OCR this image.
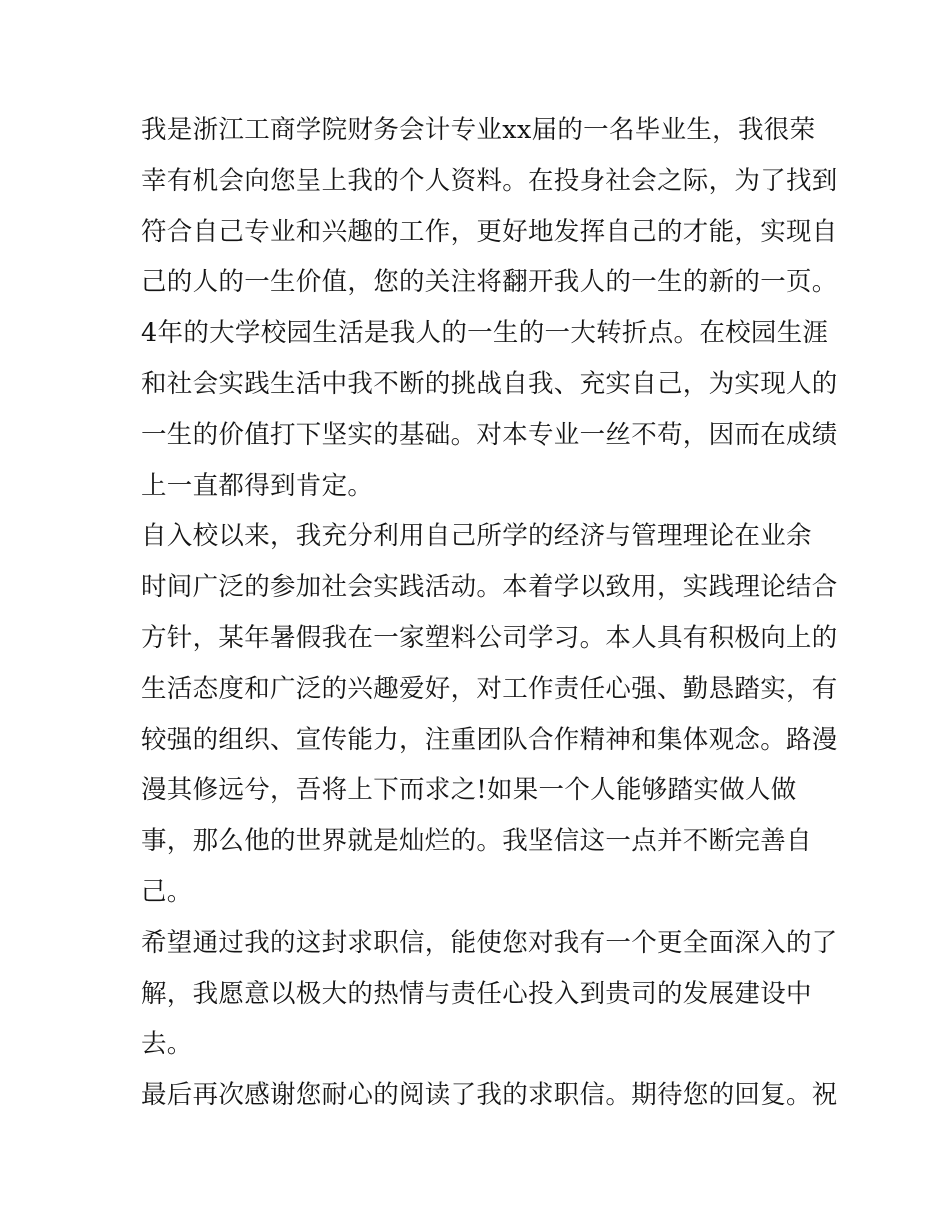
我是浙江工商学院财务会计专业xx届的一名毕业生，我很荣
幸有机会向您呈上我的个人资料。在投身社会之际，为了找到
符合自己专业和兴趣的工作，更好地发挥自己的才能，实现自
己的人的一生价值，您的关注将翻开我人的一生的新的一页。
4年的大学校园生活是我人的一生的一大转折点。在校园生涯
和社会实践生活中我不断的挑战自我、充实自己，为实现人的
一生的价值打下坚实的基础。对本专业一丝不苟，因而在成绩
上一直都得到肯定。
自入校以来，我充分利用自己所学的经济与管理理论在业余
时间广泛的参加社会实践活动。本着学以致用，实践理论结合
方针，某年暑假我在一家塑料公司学习。本人具有积极向上的
生活态度和广泛的兴趣爱好，对工作责任心强、勤恳踏实，有
较强的组织、宣传能力，注重团队合作精神和集体观念。路漫
漫其修远兮，吾将上下而求之!如果一个人能够踏实做人做
事，那么他的世界就是灿烂的。我坚信这一点并不断完善自
己。
希望通过我的这封求职信，能使您对我有一个更全面深入的了
解，我愿意以极大的热情与责任心投入到贵司的发展建设中
去。
最后再次感谢您耐心的阅读了我的求职信。期待您的回复。祝
